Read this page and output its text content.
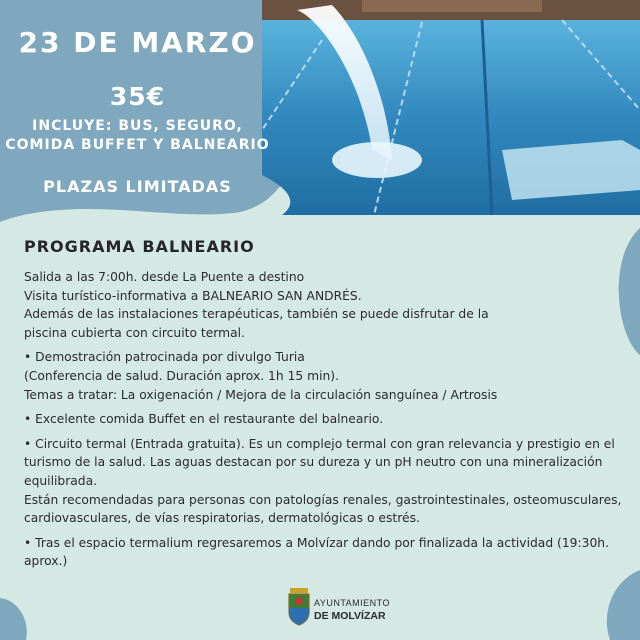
23 DE MARZO
35€
INCLUYE: BUS, SEGURO,
COMIDA BUFFET Y BALNEARIO
PLAZAS LIMITADAS
PROGRAMA BALNEARIO

Salida a las 7:00h. desde La Puente a destino

Visita turístico-informativa a BALNEARIO SAN ANDRÉS.

Además de las instalaciones terapéuticas, también se puede disfrutar de la

piscina cubierta con circuito termal.

• Demostración patrocinada por divulgo Turia

(Conferencia de salud. Duración aprox. 1h 15 min).

Temas a tratar: La oxigenación / Mejora de la circulación sanguínea / Artrosis

• Excelente comida Buffet en el restaurante del balneario.

• Circuito termal (Entrada gratuita). Es un complejo termal con gran relevancia y prestigio en el

turismo de la salud. Las aguas destacan por su dureza y un pH neutro con una mineralización

equilibrada.

Están recomendadas para personas con patologías renales, gastrointestinales, osteomusculares,

cardiovasculares, de vías respiratorias, dermatológicas o estrés.

• Tras el espacio termalium regresaremos a Molvízar dando por finalizada la actividad (19:30h.

aprox.)

AYUNTAMIENTO
DE MOLVÍZAR
